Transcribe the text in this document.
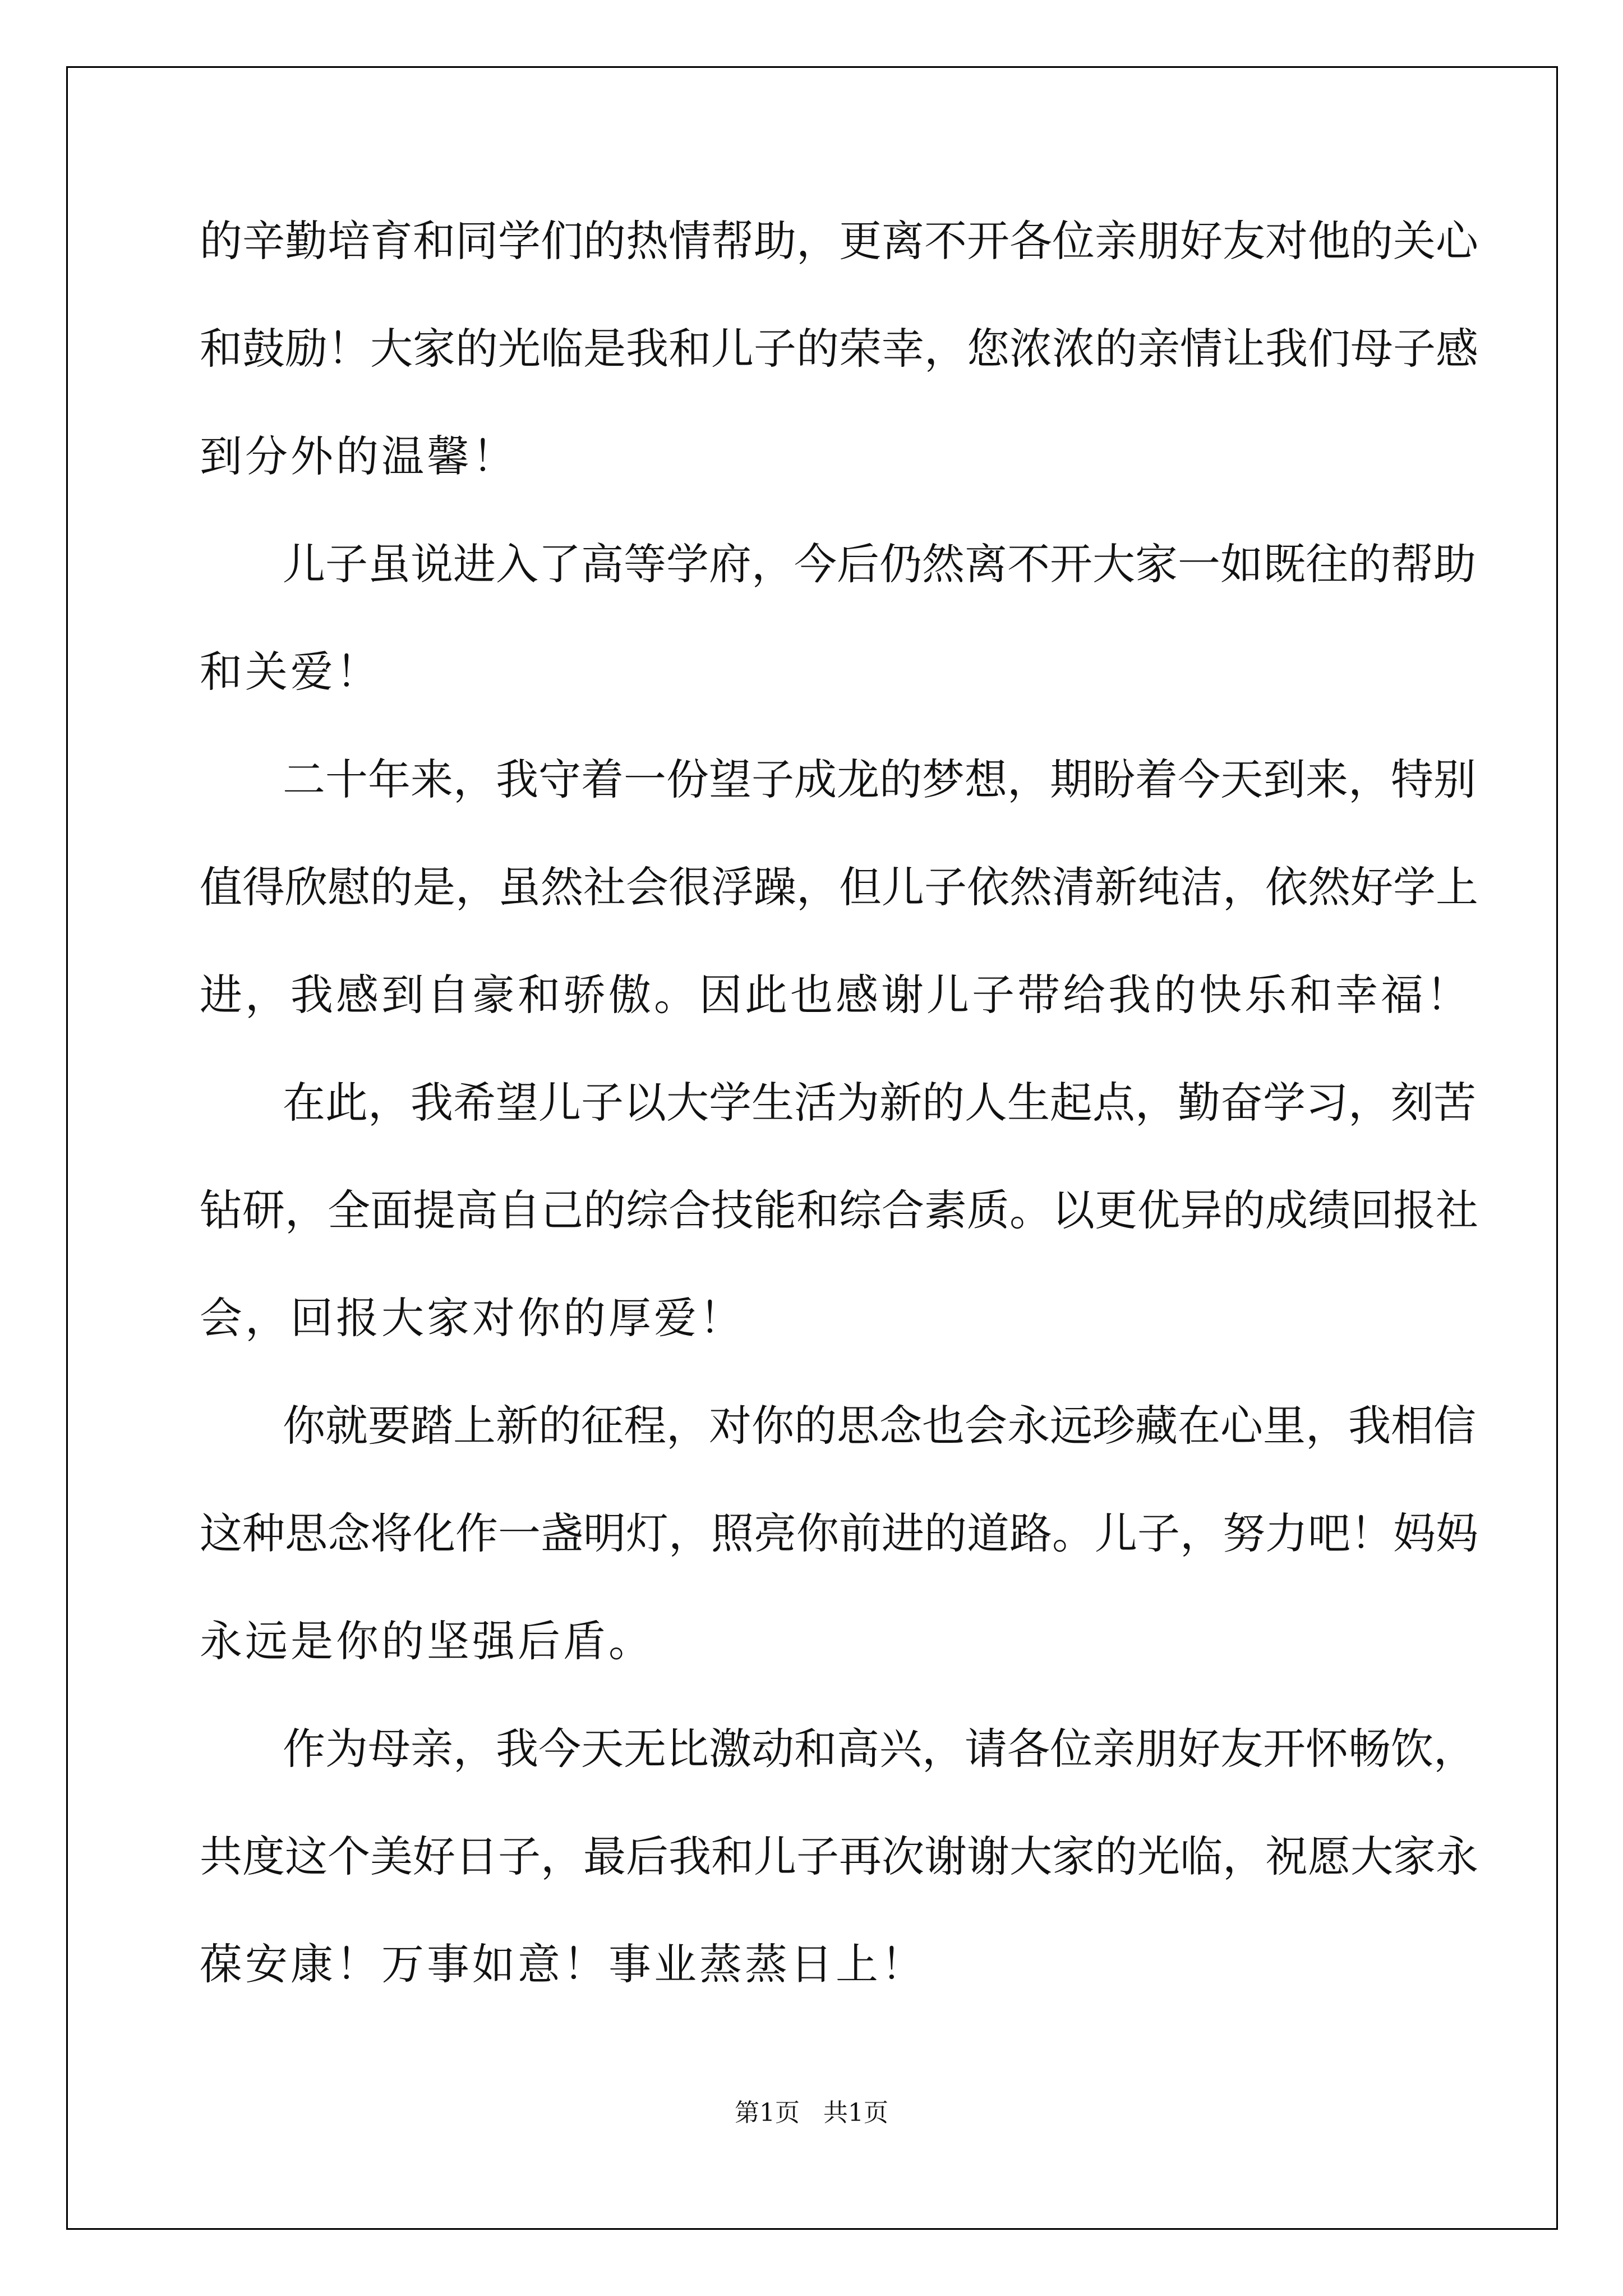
的辛勤培育和同学们的热情帮助，更离不开各位亲朋好友对他的关心
和鼓励！大家的光临是我和儿子的荣幸，您浓浓的亲情让我们母子感
到分外的温馨！
儿子虽说进入了高等学府，今后仍然离不开大家一如既往的帮助
和关爱！
二十年来，我守着一份望子成龙的梦想，期盼着今天到来，特别
值得欣慰的是，虽然社会很浮躁，但儿子依然清新纯洁，依然好学上
进，我感到自豪和骄傲。因此也感谢儿子带给我的快乐和幸福！
在此，我希望儿子以大学生活为新的人生起点，勤奋学习，刻苦
钻研，全面提高自己的综合技能和综合素质。以更优异的成绩回报社
会，回报大家对你的厚爱！
你就要踏上新的征程，对你的思念也会永远珍藏在心里，我相信
这种思念将化作一盏明灯，照亮你前进的道路。儿子，努力吧！妈妈
永远是你的坚强后盾。
作为母亲，我今天无比激动和高兴，请各位亲朋好友开怀畅饮，
共度这个美好日子，最后我和儿子再次谢谢大家的光临，祝愿大家永
葆安康！万事如意！事业蒸蒸日上！
第1页   共1页
